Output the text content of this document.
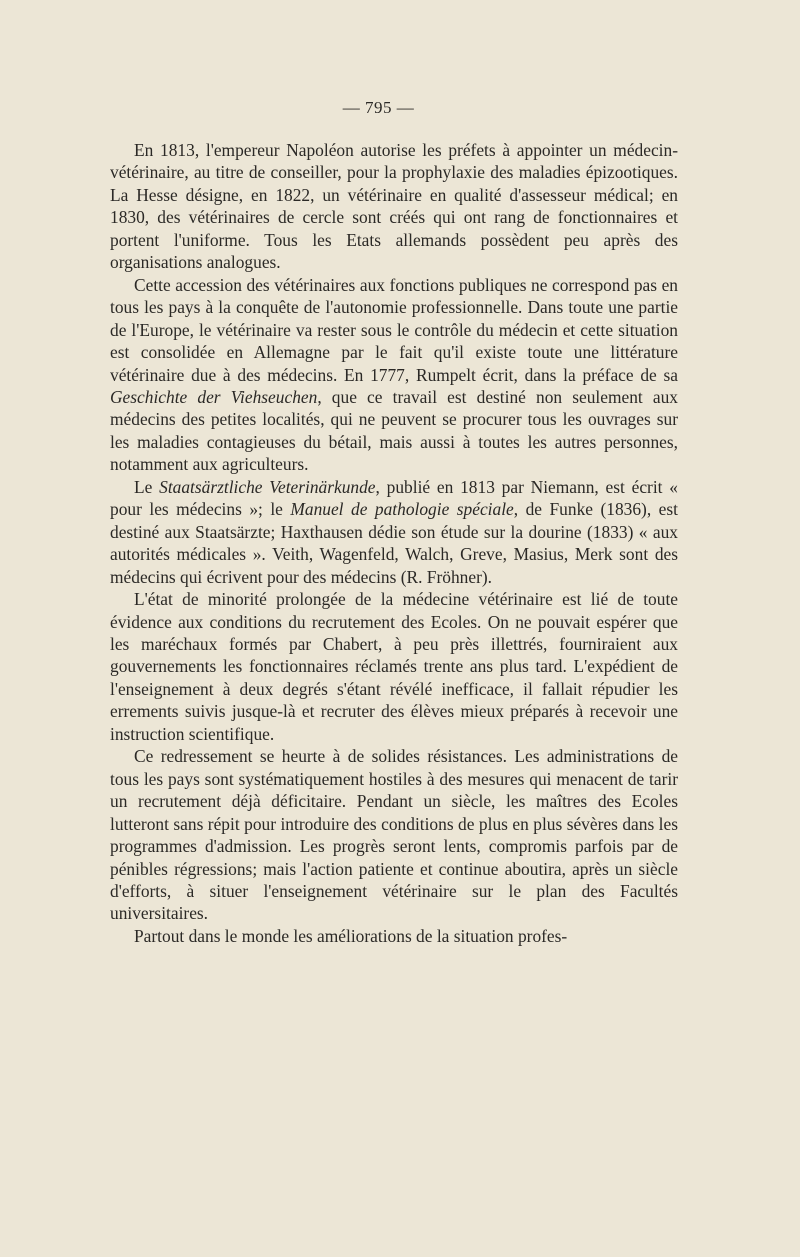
— 795 —

En 1813, l'empereur Napoléon autorise les préfets à appointer un médecin-vétérinaire, au titre de conseiller, pour la prophylaxie des maladies épizootiques. La Hesse désigne, en 1822, un vétérinaire en qualité d'assesseur médical; en 1830, des vétérinaires de cercle sont créés qui ont rang de fonctionnaires et portent l'uniforme. Tous les Etats allemands possèdent peu après des organisations analogues.

Cette accession des vétérinaires aux fonctions publiques ne correspond pas en tous les pays à la conquête de l'autonomie professionnelle. Dans toute une partie de l'Europe, le vétérinaire va rester sous le contrôle du médecin et cette situation est consolidée en Allemagne par le fait qu'il existe toute une littérature vétérinaire due à des médecins. En 1777, Rumpelt écrit, dans la préface de sa Geschichte der Viehseuchen, que ce travail est destiné non seulement aux médecins des petites localités, qui ne peuvent se procurer tous les ouvrages sur les maladies contagieuses du bétail, mais aussi à toutes les autres personnes, notamment aux agriculteurs.

Le Staatsärztliche Veterinärkunde, publié en 1813 par Niemann, est écrit « pour les médecins »; le Manuel de pathologie spéciale, de Funke (1836), est destiné aux Staatsärzte; Haxthausen dédie son étude sur la dourine (1833) « aux autorités médicales ». Veith, Wagenfeld, Walch, Greve, Masius, Merk sont des médecins qui écrivent pour des médecins (R. Fröhner).

L'état de minorité prolongée de la médecine vétérinaire est lié de toute évidence aux conditions du recrutement des Ecoles. On ne pouvait espérer que les maréchaux formés par Chabert, à peu près illettrés, fourniraient aux gouvernements les fonctionnaires réclamés trente ans plus tard. L'expédient de l'enseignement à deux degrés s'étant révélé inefficace, il fallait répudier les errements suivis jusque-là et recruter des élèves mieux préparés à recevoir une instruction scientifique.

Ce redressement se heurte à de solides résistances. Les administrations de tous les pays sont systématiquement hostiles à des mesures qui menacent de tarir un recrutement déjà déficitaire. Pendant un siècle, les maîtres des Ecoles lutteront sans répit pour introduire des conditions de plus en plus sévères dans les programmes d'admission. Les progrès seront lents, compromis parfois par de pénibles régressions; mais l'action patiente et continue aboutira, après un siècle d'efforts, à situer l'enseignement vétérinaire sur le plan des Facultés universitaires.

Partout dans le monde les améliorations de la situation profes-
